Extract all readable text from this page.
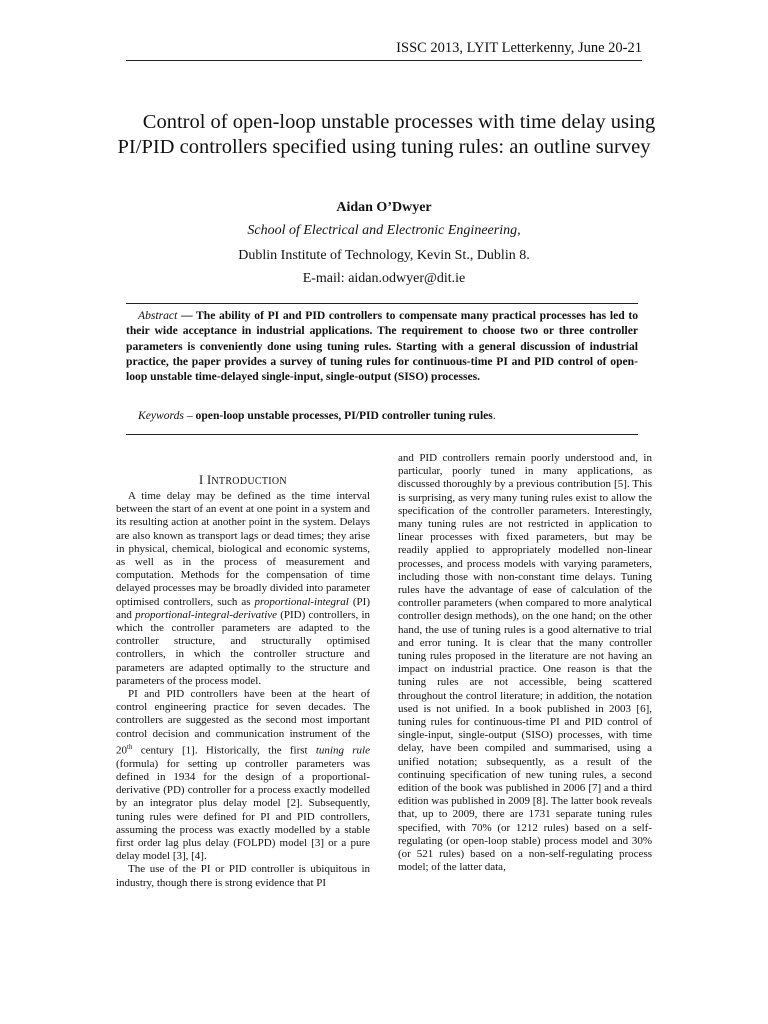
ISSC 2013, LYIT Letterkenny, June 20-21
Control of open-loop unstable processes with time delay using PI/PID controllers specified using tuning rules: an outline survey
Aidan O’Dwyer
School of Electrical and Electronic Engineering,
Dublin Institute of Technology, Kevin St., Dublin 8.
E-mail: aidan.odwyer@dit.ie
Abstract — The ability of PI and PID controllers to compensate many practical processes has led to their wide acceptance in industrial applications. The requirement to choose two or three controller parameters is conveniently done using tuning rules. Starting with a general discussion of industrial practice, the paper provides a survey of tuning rules for continuous-time PI and PID control of open-loop unstable time-delayed single-input, single-output (SISO) processes.
Keywords – open-loop unstable processes, PI/PID controller tuning rules.
I INTRODUCTION

A time delay may be defined as the time interval between the start of an event at one point in a system and its resulting action at another point in the system. Delays are also known as transport lags or dead times; they arise in physical, chemical, biological and economic systems, as well as in the process of measurement and computation. Methods for the compensation of time delayed processes may be broadly divided into parameter optimised controllers, such as proportional-integral (PI) and proportional-integral-derivative (PID) controllers, in which the controller parameters are adapted to the controller structure, and structurally optimised controllers, in which the controller structure and parameters are adapted optimally to the structure and parameters of the process model.

PI and PID controllers have been at the heart of control engineering practice for seven decades. The controllers are suggested as the second most important control decision and communication instrument of the 20th century [1]. Historically, the first tuning rule (formula) for setting up controller parameters was defined in 1934 for the design of a proportional-derivative (PD) controller for a process exactly modelled by an integrator plus delay model [2]. Subsequently, tuning rules were defined for PI and PID controllers, assuming the process was exactly modelled by a stable first order lag plus delay (FOLPD) model [3] or a pure delay model [3], [4].

The use of the PI or PID controller is ubiquitous in industry, though there is strong evidence that PI

and PID controllers remain poorly understood and, in particular, poorly tuned in many applications, as discussed thoroughly by a previous contribution [5]. This is surprising, as very many tuning rules exist to allow the specification of the controller parameters. Interestingly, many tuning rules are not restricted in application to linear processes with fixed parameters, but may be readily applied to appropriately modelled non-linear processes, and process models with varying parameters, including those with non-constant time delays. Tuning rules have the advantage of ease of calculation of the controller parameters (when compared to more analytical controller design methods), on the one hand; on the other hand, the use of tuning rules is a good alternative to trial and error tuning. It is clear that the many controller tuning rules proposed in the literature are not having an impact on industrial practice. One reason is that the tuning rules are not accessible, being scattered throughout the control literature; in addition, the notation used is not unified. In a book published in 2003 [6], tuning rules for continuous-time PI and PID control of single-input, single-output (SISO) processes, with time delay, have been compiled and summarised, using a unified notation; subsequently, as a result of the continuing specification of new tuning rules, a second edition of the book was published in 2006 [7] and a third edition was published in 2009 [8]. The latter book reveals that, up to 2009, there are 1731 separate tuning rules specified, with 70% (or 1212 rules) based on a self-regulating (or open-loop stable) process model and 30% (or 521 rules) based on a non-self-regulating process model; of the latter data,
